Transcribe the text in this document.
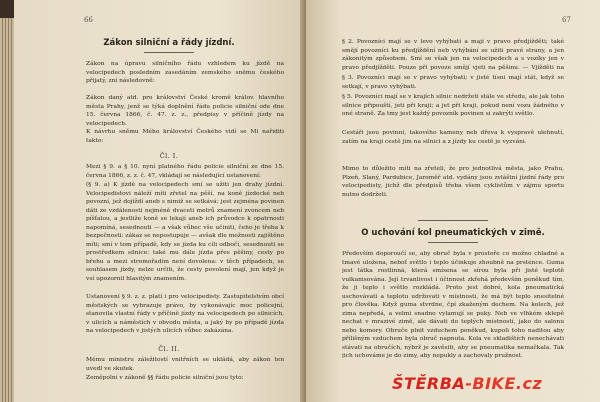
66
Zákon silniční a řády jízdní.
Zákon na úpravu silničního řádu vzhledem ku jízdě na velocipedech posledním zasedáním zemského sněmu českého přijatý, zní následovně:
Zákon daný atd. pro království České kromě králov. hlavního města Prahy, jenž se týká doplnění řádu policie silniční ode dne 15. června 1866, č. 47. z. z., předpisy v příčině jízdy na velocipedech.
K návrhu sněmu Mého království Českého vidí se Mi nařiditi takto:
Čl. I.
Mezi § 9. a § 10. nyní platného řádu policie silniční ze dne 15. června 1866, z. z. č. 47, vkládají se následující ustanovení:
(§ 9. a) K jízdě na velocipedech smí se užiti jen drahy jízdní. Velocipedistovi náleží míti zřetel na pěší, na koně jízdecké neb povozní, jež dojíždí aneb s nimiž se setkává; jest zejména povinen dáti ze vzdálenosti nejméně dvaceti metrů znamení zvoncem neb píšťalou, a jestliže koně se lekají aneb ich průvodce k opatrnosti napomíná, sesednouti — a však vůbec vše učiniti, čeho je třeba k bezpečnosti: zákaz se nepostupuje — avšak dle možnosti zajištěno míti; smí v tom případě, kdy se jízda ku cíli odbočí, sesednouti se prostředkem silnice: také mu dále jízda přes pěšiny, cesty po břehu a mezi stromořadím není dovolena: v těch případech, se souhlasem jízdy, nelze určiti, že cesty povolení mají, jen když je vsí upozornil hlasitým znamením.
Ustanovení § 9. z. z. platí i pro velocipedisty. Zastupitelstvím obcí městských se vyhrazuje právo, by vykonávajíc moc policejní, stanovila vlastní řády v příčině jízdy na velocipedech po silnicích, v ulicích a náměstích v obvodu města, a jaký by po případě jízda na velocipedech v jistých ulicích vůbec zakázána.
Čl. II.
Mému ministru záležitostí vnitřních se ukládá, aby zákon ten uvedl ve skutek.
Zeměpolní v zákoně §§ řádu policie silniční jsou tyto:
67
§ 2. Povozníci mají se v levo vyhýbati a mají v pravo předjížděti; také smějí povozníci ku předjíždění neb vyhýbání se užiti pravé strany, a jen zákonitým způsobem. Smí se však jen na velocipedech a s vozíky jen v pravo předjížděti. Pouze při povoze smějí vjeti na pěšinu. — Vjížděti na
§ 3. Povozníci mají se v pravo vyhýbati; v jisté tísni mají stát, když se setkají, v pravo vyhýbati.
§ 5. Povozníci mají se v krajích silnic nedržeti stále ve středu, ale jak toho silnice připouští, jeti při kraji; a jet při kraji, pokud není vozu žádného v oné straně. Za tmy jest každý povozník povinen si zakrýti světlo.
Cestáři jsou povinni, takového kameny neb dřeva k vyspravě ulehnutí, zatím na kraji cestě jim na silnici a z jízdy ku cestě je vyzváni.
Mimo to důležito míti na zřeteli, že pro jednotlivá města, jako Prahu, Plzeň, Slaný, Pardubice, Jaroměř atd. vydány jsou zvláštní jízdní řády pro velocipedisty, jichž dle předpisů třeba všem cyklistům v zájmu sportu nutno dodržeti.
O uchování kol pneumatických v zimě.
Především doporoučí se, aby obruč byla v prostoře co možno chladné a tmavé uložena, neboť světlo i teplo účinkuje zhoubně na prsténce. Guma jest látka rostlinná, která smísena se sírou byla při jisté teplotě vulkanisována. Její trvanlivost i účinnost zkřehá především poněkud tím, že ji teplo i světlo rozkládá. Proto jest dobré, kola pneumatická uschovávati a teplotu udržovati v místnosti, že má být teplo snesitelné pro člověka. Když guma stvrdne, čpí zkaženým dechem. Na kolech, jež zima nepředá, a velmi snadno vylamují se puky. Neb ve vlhkém sklepě nechat v mrazivé zimě, ale dávati do teplých místností, jako do salonu nebo komory. Obruče plnit vzduchem poněkud, kupoli toho naditou aby přílišným vzduchem byla obruč napnuta. Kola ve skladištích nenechávati stávati na obručích, nýbrž je zavěsiti, aby se pneumatika nemačkala. Tak jich uchováme je do zimy, aby nepukly a zachovaly pružnost.
ŠTĚRBA-BIKE.cz
